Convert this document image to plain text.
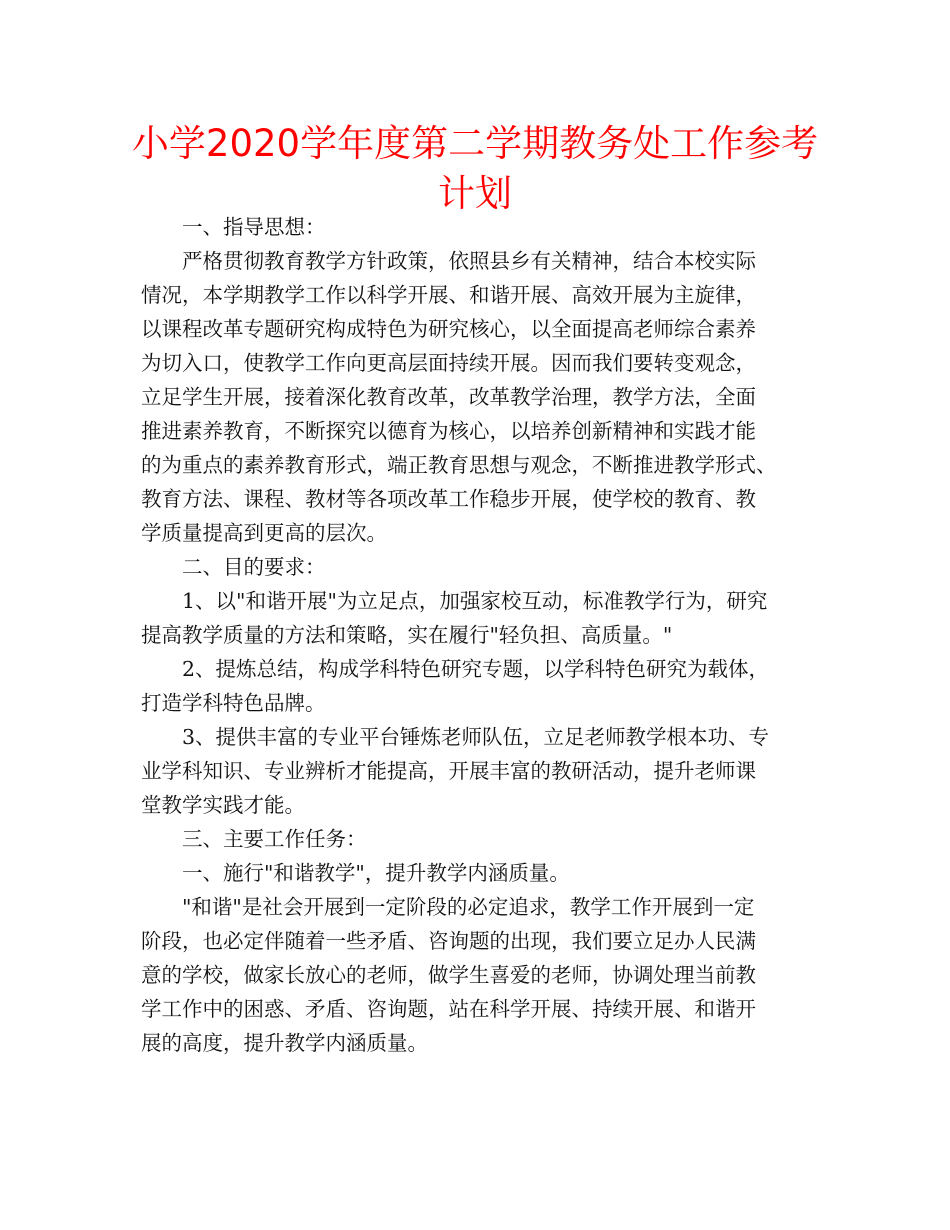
小学2020学年度第二学期教务处工作参考
计划
一、指导思想：
严格贯彻教育教学方针政策，依照县乡有关精神，结合本校实际
情况，本学期教学工作以科学开展、和谐开展、高效开展为主旋律，
以课程改革专题研究构成特色为研究核心，以全面提高老师综合素养
为切入口，使教学工作向更高层面持续开展。因而我们要转变观念，
立足学生开展，接着深化教育改革，改革教学治理，教学方法，全面
推进素养教育，不断探究以德育为核心，以培养创新精神和实践才能
的为重点的素养教育形式，端正教育思想与观念，不断推进教学形式、
教育方法、课程、教材等各项改革工作稳步开展，使学校的教育、教
学质量提高到更高的层次。
二、目的要求：
1、以"和谐开展"为立足点，加强家校互动，标准教学行为，研究
提高教学质量的方法和策略，实在履行"轻负担、高质量。"
2、提炼总结，构成学科特色研究专题，以学科特色研究为载体，
打造学科特色品牌。
3、提供丰富的专业平台锤炼老师队伍，立足老师教学根本功、专
业学科知识、专业辨析才能提高，开展丰富的教研活动，提升老师课
堂教学实践才能。
三、主要工作任务：
一、施行"和谐教学"，提升教学内涵质量。
"和谐"是社会开展到一定阶段的必定追求，教学工作开展到一定
阶段，也必定伴随着一些矛盾、咨询题的出现，我们要立足办人民满
意的学校，做家长放心的老师，做学生喜爱的老师，协调处理当前教
学工作中的困惑、矛盾、咨询题，站在科学开展、持续开展、和谐开
展的高度，提升教学内涵质量。
